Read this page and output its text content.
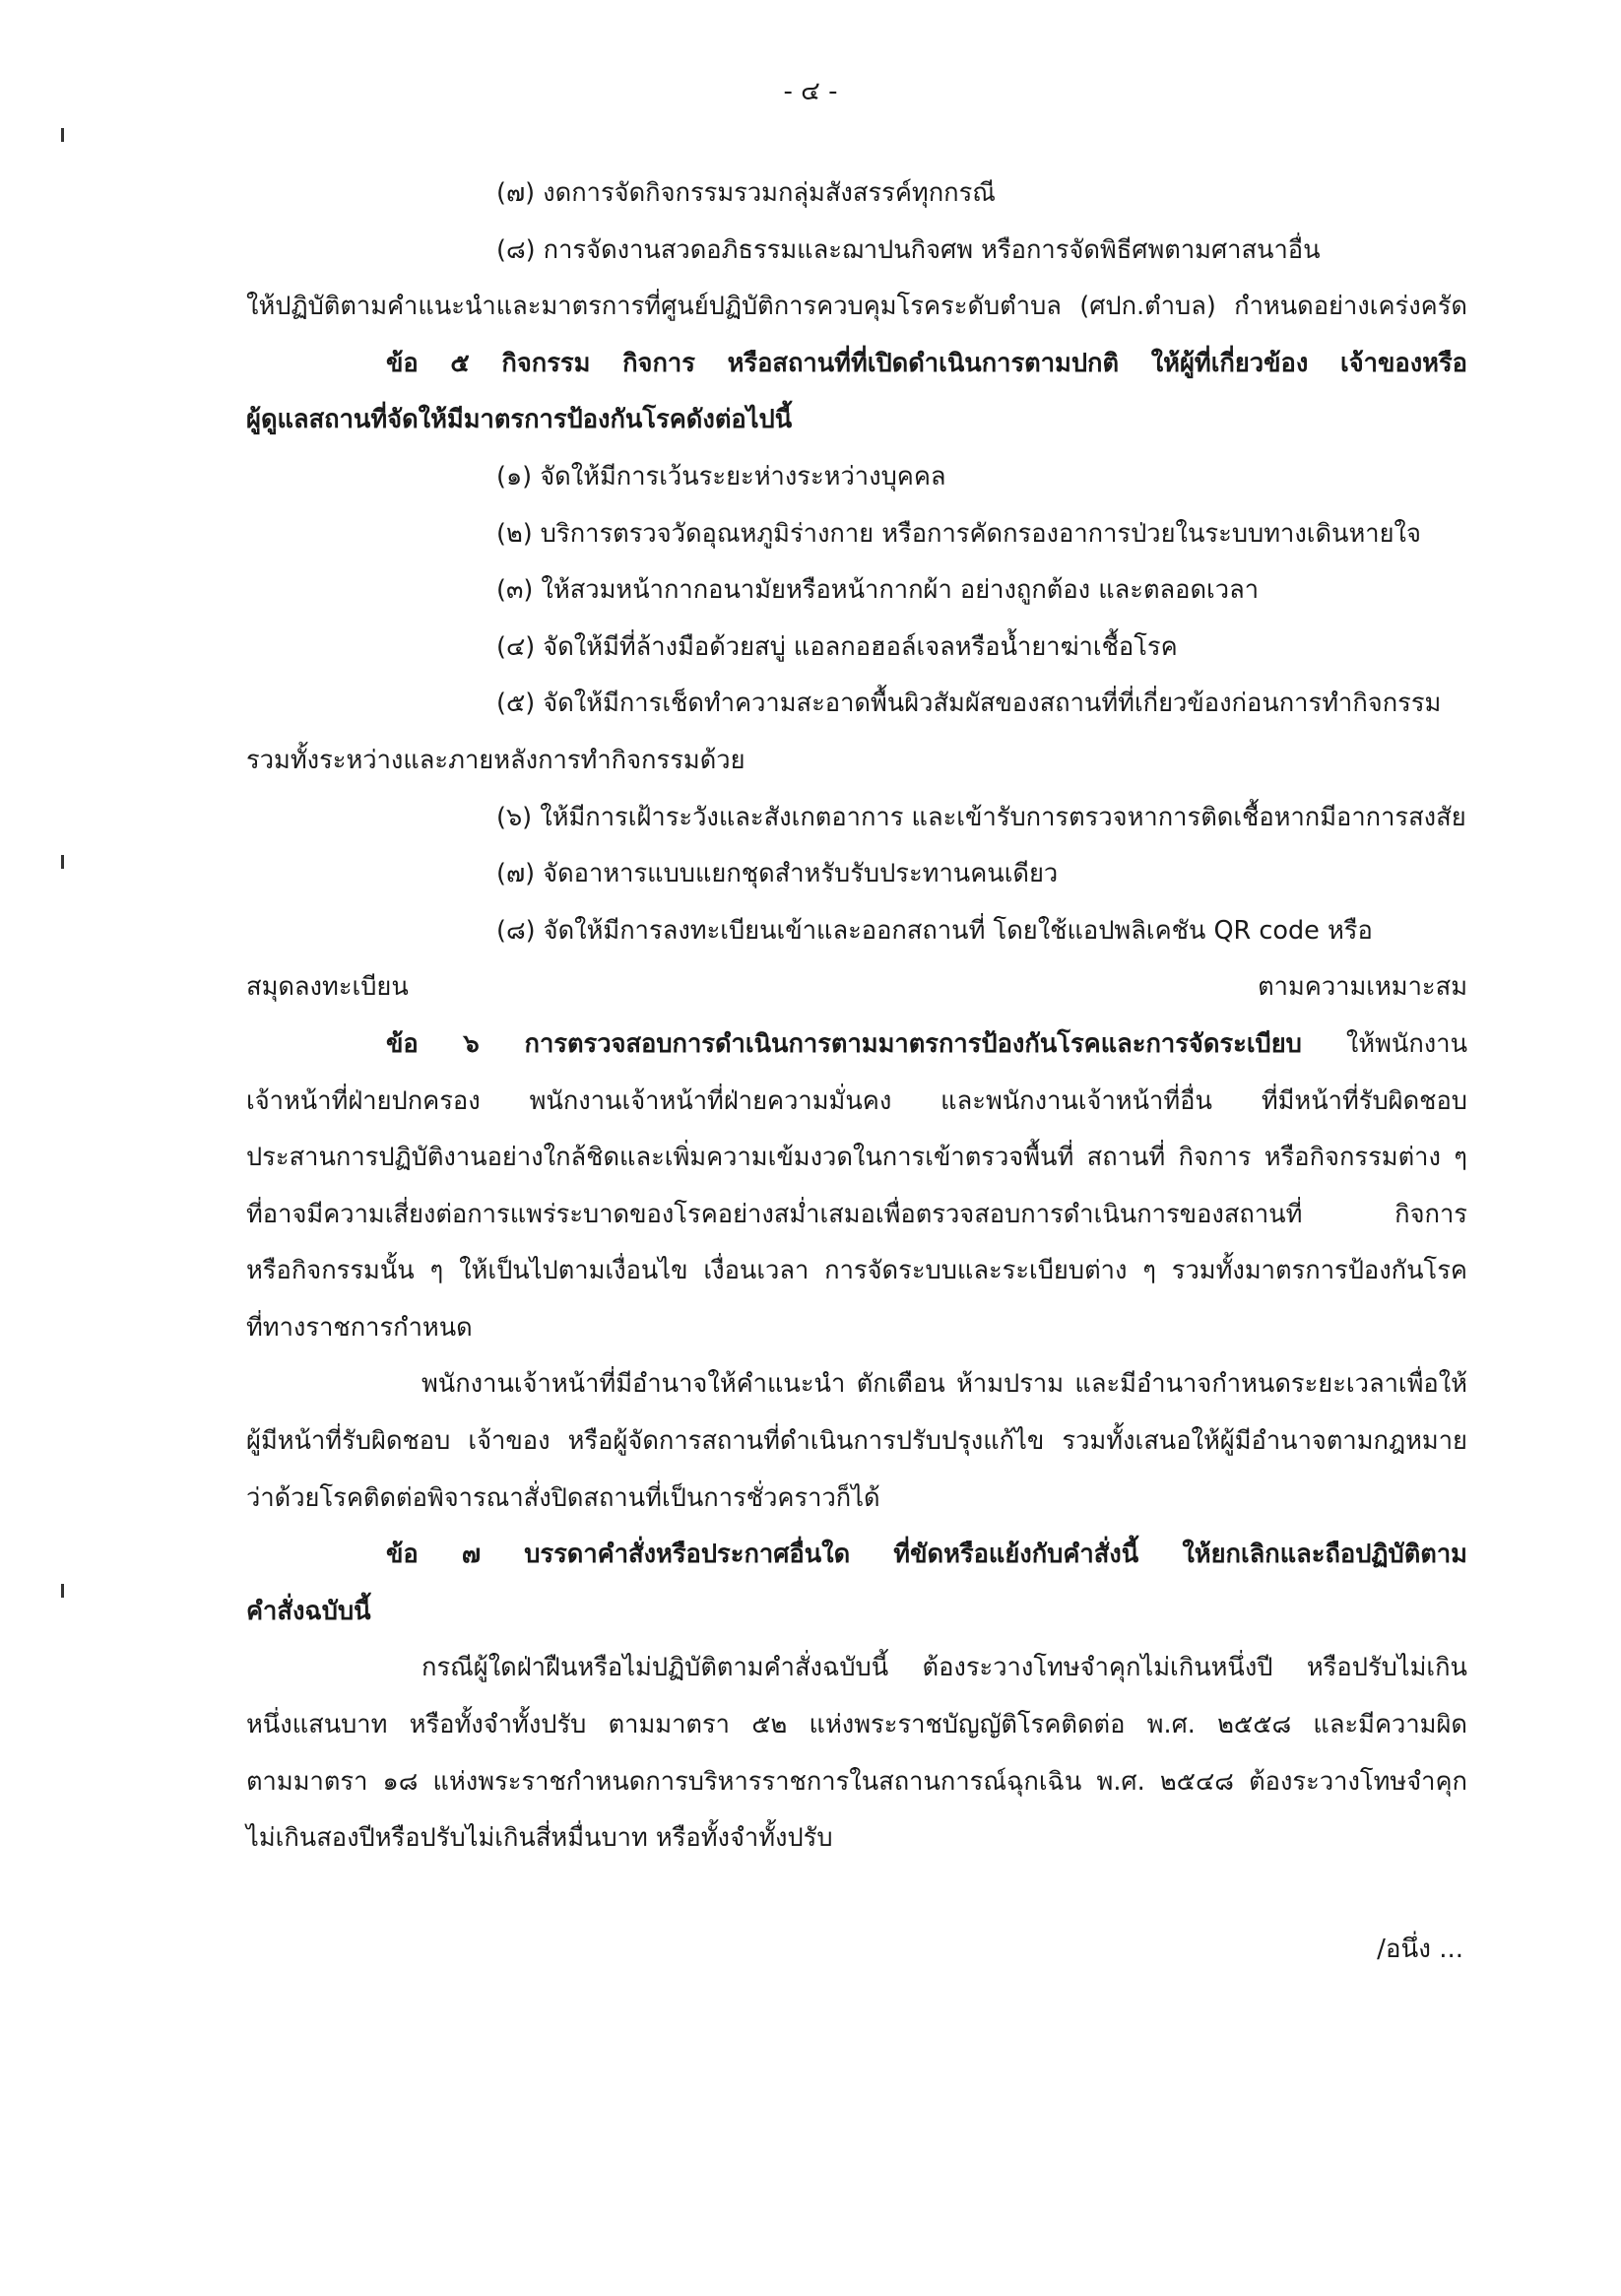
- ๔ -
(๗) งดการจัดกิจกรรมรวมกลุ่มสังสรรค์ทุกกรณี
(๘) การจัดงานสวดอภิธรรมและฌาปนกิจศพ หรือการจัดพิธีศพตามศาสนาอื่น
ให้ปฏิบัติตามคำแนะนำและมาตรการที่ศูนย์ปฏิบัติการควบคุมโรคระดับตำบล (ศปก.ตำบล) กำหนดอย่างเคร่งครัด
ข้อ ๕ กิจกรรม กิจการ หรือสถานที่ที่เปิดดำเนินการตามปกติ ให้ผู้ที่เกี่ยวข้อง เจ้าของหรือ
ผู้ดูแลสถานที่จัดให้มีมาตรการป้องกันโรคดังต่อไปนี้
(๑) จัดให้มีการเว้นระยะห่างระหว่างบุคคล
(๒) บริการตรวจวัดอุณหภูมิร่างกาย หรือการคัดกรองอาการป่วยในระบบทางเดินหายใจ
(๓) ให้สวมหน้ากากอนามัยหรือหน้ากากผ้า อย่างถูกต้อง และตลอดเวลา
(๔) จัดให้มีที่ล้างมือด้วยสบู่ แอลกอฮอล์เจลหรือน้ำยาฆ่าเชื้อโรค
(๕) จัดให้มีการเช็ดทำความสะอาดพื้นผิวสัมผัสของสถานที่ที่เกี่ยวข้องก่อนการทำกิจกรรม
รวมทั้งระหว่างและภายหลังการทำกิจกรรมด้วย
(๖) ให้มีการเฝ้าระวังและสังเกตอาการ และเข้ารับการตรวจหาการติดเชื้อหากมีอาการสงสัย
(๗) จัดอาหารแบบแยกชุดสำหรับรับประทานคนเดียว
(๘) จัดให้มีการลงทะเบียนเข้าและออกสถานที่ โดยใช้แอปพลิเคชัน QR code หรือ
สมุดลงทะเบียน ตามความเหมาะสม
ข้อ ๖ การตรวจสอบการดำเนินการตามมาตรการป้องกันโรคและการจัดระเบียบ ให้พนักงาน
เจ้าหน้าที่ฝ่ายปกครอง พนักงานเจ้าหน้าที่ฝ่ายความมั่นคง และพนักงานเจ้าหน้าที่อื่น ที่มีหน้าที่รับผิดชอบ
ประสานการปฏิบัติงานอย่างใกล้ชิดและเพิ่มความเข้มงวดในการเข้าตรวจพื้นที่ สถานที่ กิจการ หรือกิจกรรมต่าง ๆ
ที่อาจมีความเสี่ยงต่อการแพร่ระบาดของโรคอย่างสม่ำเสมอเพื่อตรวจสอบการดำเนินการของสถานที่ กิจการ
หรือกิจกรรมนั้น ๆ ให้เป็นไปตามเงื่อนไข เงื่อนเวลา การจัดระบบและระเบียบต่าง ๆ รวมทั้งมาตรการป้องกันโรค
ที่ทางราชการกำหนด
พนักงานเจ้าหน้าที่มีอำนาจให้คำแนะนำ ตักเตือน ห้ามปราม และมีอำนาจกำหนดระยะเวลาเพื่อให้
ผู้มีหน้าที่รับผิดชอบ เจ้าของ หรือผู้จัดการสถานที่ดำเนินการปรับปรุงแก้ไข รวมทั้งเสนอให้ผู้มีอำนาจตามกฎหมาย
ว่าด้วยโรคติดต่อพิจารณาสั่งปิดสถานที่เป็นการชั่วคราวก็ได้
ข้อ ๗ บรรดาคำสั่งหรือประกาศอื่นใด ที่ขัดหรือแย้งกับคำสั่งนี้ ให้ยกเลิกและถือปฏิบัติตาม
คำสั่งฉบับนี้
กรณีผู้ใดฝ่าฝืนหรือไม่ปฏิบัติตามคำสั่งฉบับนี้ ต้องระวางโทษจำคุกไม่เกินหนึ่งปี หรือปรับไม่เกิน
หนึ่งแสนบาท หรือทั้งจำทั้งปรับ ตามมาตรา ๕๒ แห่งพระราชบัญญัติโรคติดต่อ พ.ศ. ๒๕๕๘ และมีความผิด
ตามมาตรา ๑๘ แห่งพระราชกำหนดการบริหารราชการในสถานการณ์ฉุกเฉิน พ.ศ. ๒๕๔๘ ต้องระวางโทษจำคุก
ไม่เกินสองปีหรือปรับไม่เกินสี่หมื่นบาท หรือทั้งจำทั้งปรับ
/อนึ่ง ...
